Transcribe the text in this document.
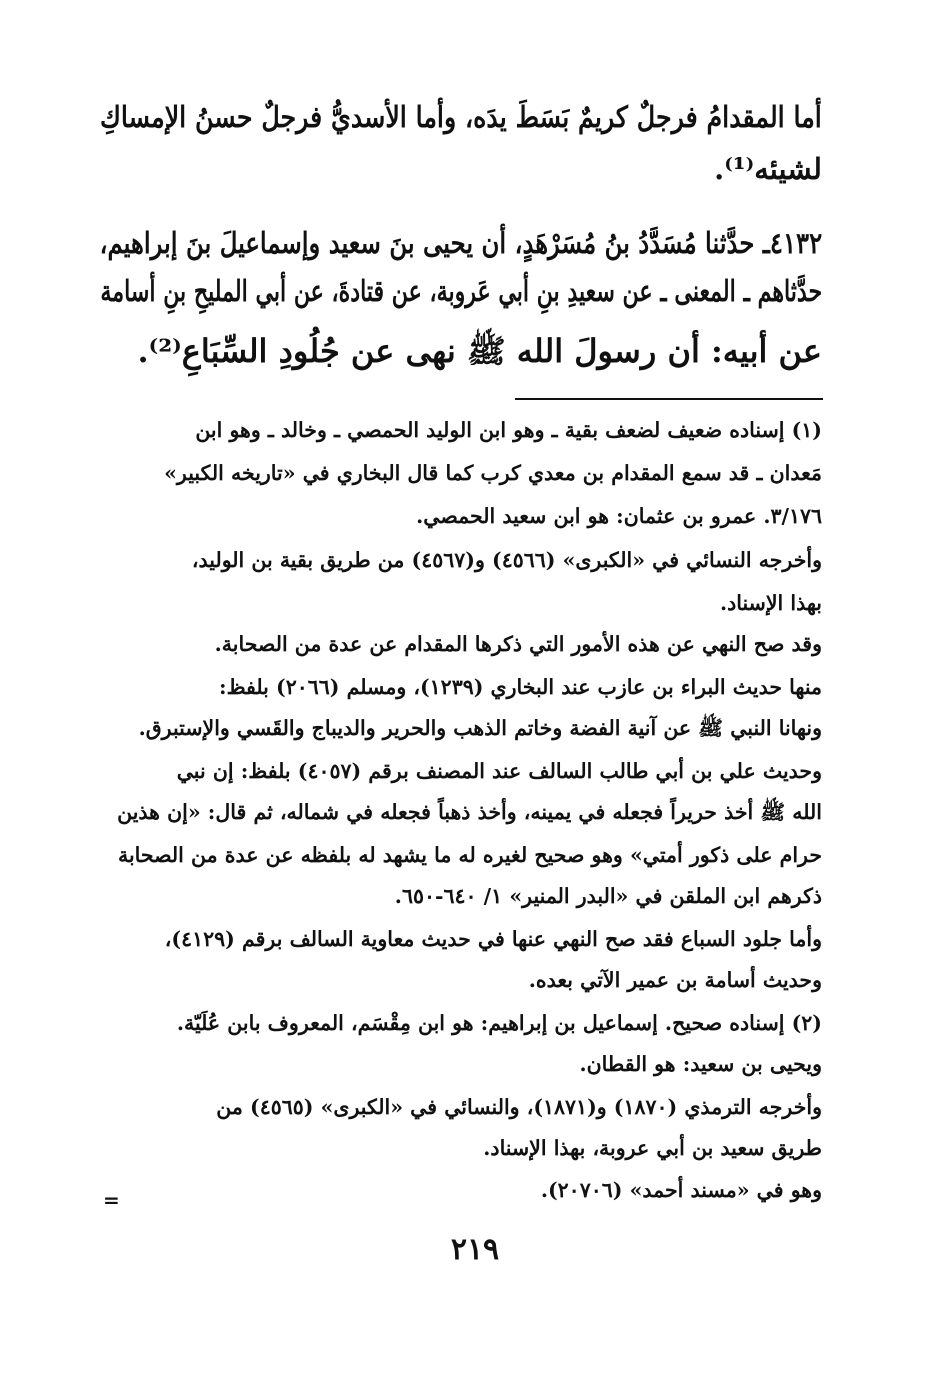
أما المقدامُ فرجلٌ كريمٌ بَسَطَ يدَه، وأما الأسديُّ فرجلٌ حسنُ الإمساكِ
لشيئه⁽¹⁾.
٤١٣٢ـ حدَّثنا مُسَدَّدُ بنُ مُسَرْهَدٍ، أن يحيى بنَ سعيد وإسماعيلَ بنَ إبراهيم،
حدَّثاهم ـ المعنى ـ عن سعيدِ بنِ أبي عَروبة، عن قتادةَ، عن أبي المليحِ بنِ أسامة
عن أبيه: أن رسولَ الله ﷺ نهى عن جُلُودِ السِّبَاعِ⁽²⁾.
(١) إسناده ضعيف لضعف بقية ـ وهو ابن الوليد الحمصي ـ وخالد ـ وهو ابن
مَعدان ـ قد سمع المقدام بن معدي كرب كما قال البخاري في «تاريخه الكبير»
٣/١٧٦. عمرو بن عثمان: هو ابن سعيد الحمصي.
وأخرجه النسائي في «الكبرى» (٤٥٦٦) و(٤٥٦٧) من طريق بقية بن الوليد،
بهذا الإسناد.
وقد صح النهي عن هذه الأمور التي ذكرها المقدام عن عدة من الصحابة.
منها حديث البراء بن عازب عند البخاري (١٢٣٩)، ومسلم (٢٠٦٦) بلفظ:
ونهانا النبي ﷺ عن آنية الفضة وخاتم الذهب والحرير والديباج والقَسي والإستبرق.
وحديث علي بن أبي طالب السالف عند المصنف برقم (٤٠٥٧) بلفظ: إن نبي
الله ﷺ أخذ حريراً فجعله في يمينه، وأخذ ذهباً فجعله في شماله، ثم قال: «إن هذين
حرام على ذكور أمتي» وهو صحيح لغيره له ما يشهد له بلفظه عن عدة من الصحابة
ذكرهم ابن الملقن في «البدر المنير» ١/ ٦٤٠-٦٥٠.
وأما جلود السباع فقد صح النهي عنها في حديث معاوية السالف برقم (٤١٢٩)،
وحديث أسامة بن عمير الآتي بعده.
(٢) إسناده صحيح. إسماعيل بن إبراهيم: هو ابن مِقْسَم، المعروف بابن عُلَيّة.
ويحيى بن سعيد: هو القطان.
وأخرجه الترمذي (١٨٧٠) و(١٨٧١)، والنسائي في «الكبرى» (٤٥٦٥) من
طريق سعيد بن أبي عروبة، بهذا الإسناد.
وهو في «مسند أحمد» (٢٠٧٠٦).
=
٢١٩
